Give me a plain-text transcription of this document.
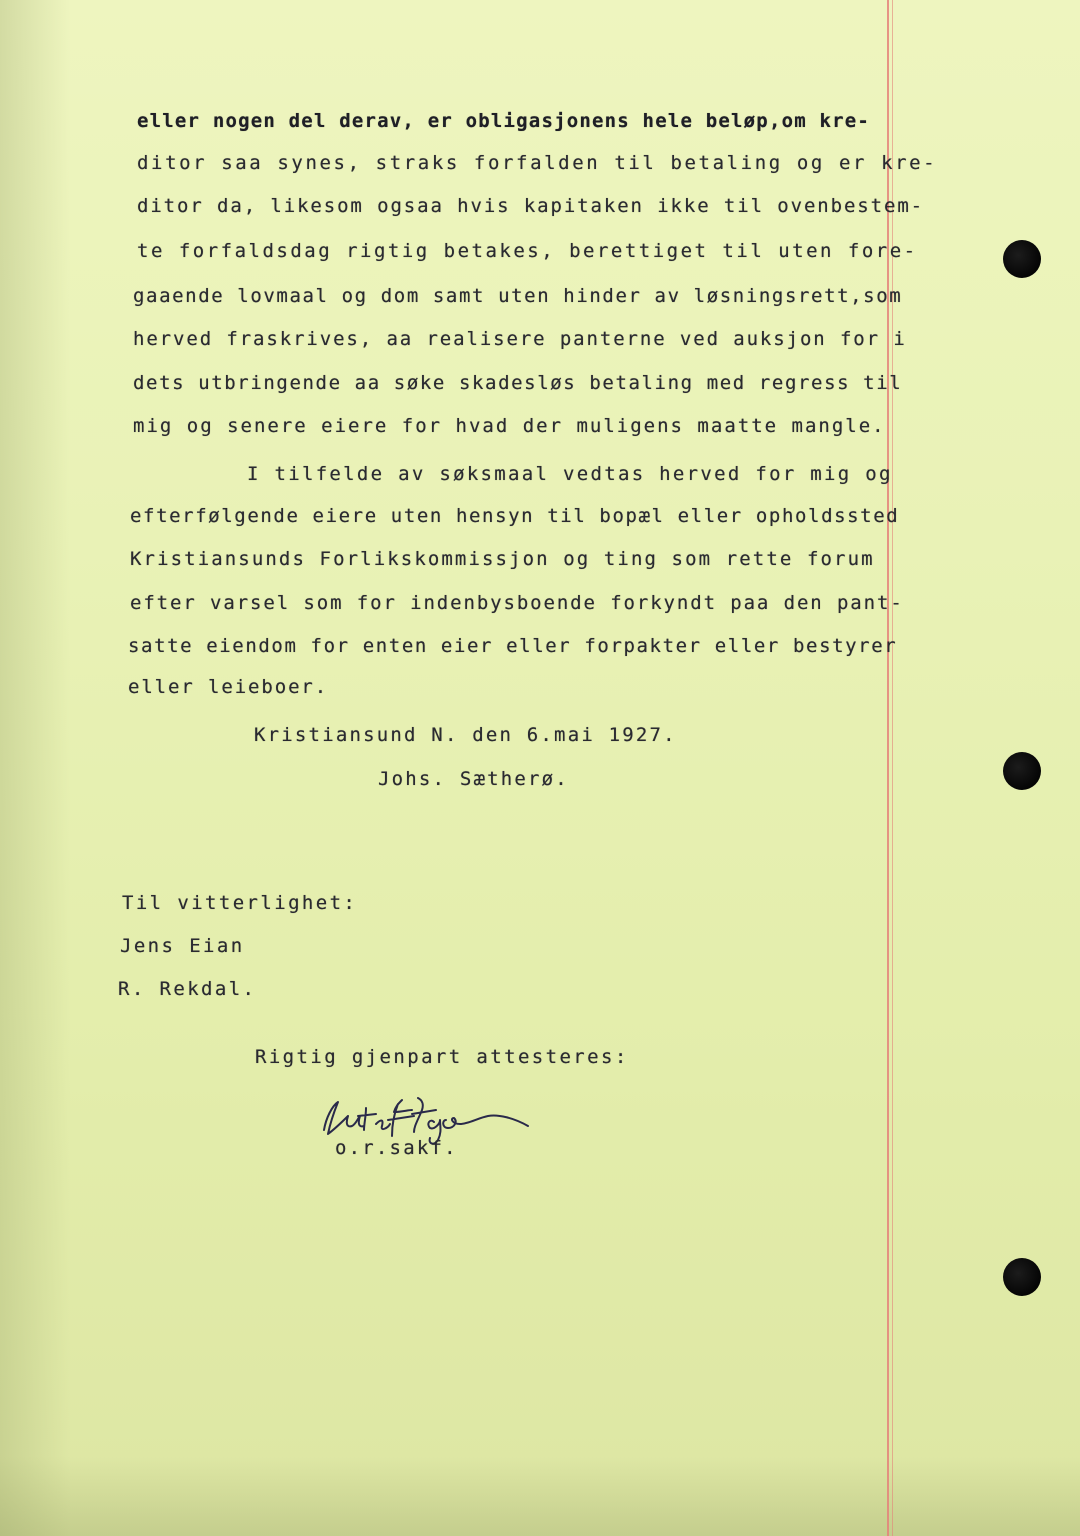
eller nogen del derav, er obligasjonens hele beløp,om kre-
ditor saa synes, straks forfalden til betaling og er kre-
ditor da, likesom ogsaa hvis kapitaken ikke til ovenbestem-
te forfaldsdag rigtig betakes, berettiget til uten fore-
gaaende lovmaal og dom samt uten hinder av løsningsrett,som
herved fraskrives, aa realisere panterne ved auksjon for i
dets utbringende aa søke skadesløs betaling med regress til
mig og senere eiere for hvad der muligens maatte mangle.
I tilfelde av søksmaal vedtas herved for mig og
efterfølgende eiere uten hensyn til bopæl eller opholdssted
Kristiansunds Forlikskommissjon og ting som rette forum
efter varsel som for indenbysboende forkyndt paa den pant-
satte eiendom for enten eier eller forpakter eller bestyrer
eller leieboer.
Kristiansund N. den 6.mai 1927.
Johs. Sætherø.
Til vitterlighet:
Jens Eian
R. Rekdal.
Rigtig gjenpart attesteres:
o.r.sakf.
